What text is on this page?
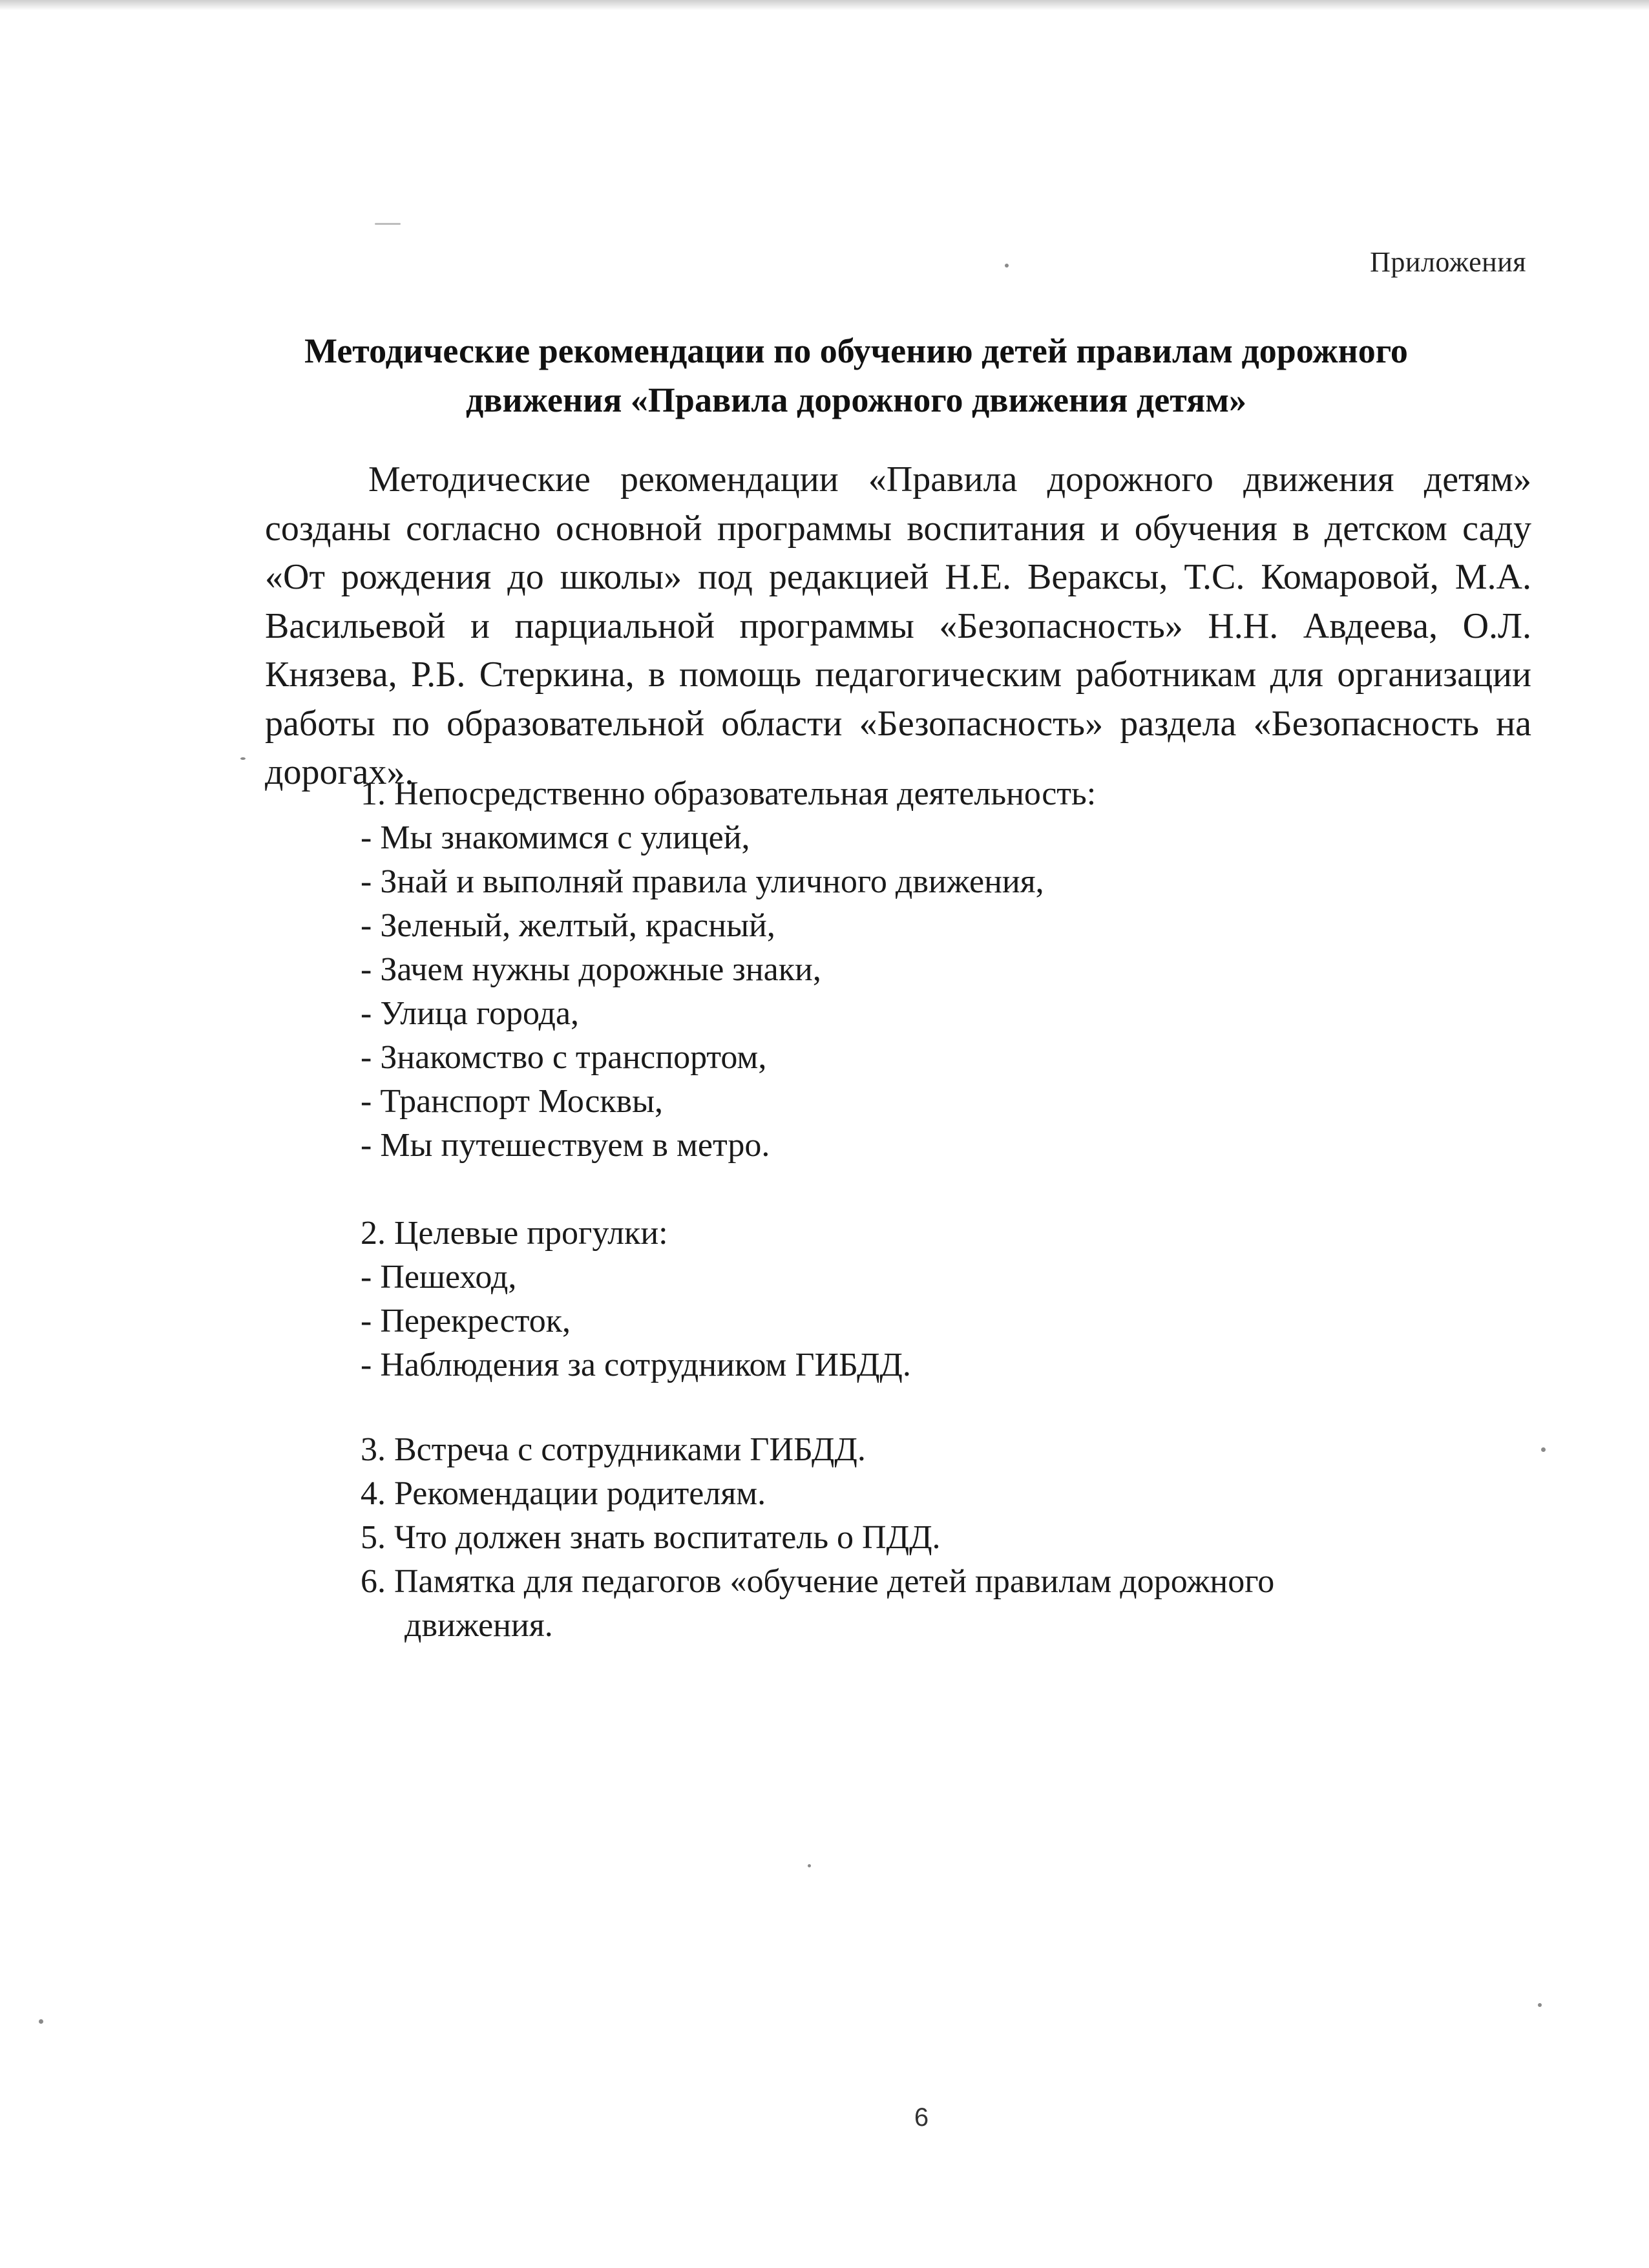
Приложения
Методические рекомендации по обучению детей правилам дорожного
движения «Правила дорожного движения детям»

Методические рекомендации «Правила дорожного движения детям» созданы согласно основной программы воспитания и обучения в детском саду «От рождения до школы» под редакцией Н.Е. Вераксы, Т.С. Комаровой, М.А. Васильевой и парциальной программы «Безопасность» Н.Н. Авдеева, О.Л. Князева, Р.Б. Стеркина, в помощь педагогическим работникам для организации работы по образовательной области «Безопасность» раздела «Безопасность на дорогах».

1. Непосредственно образовательная деятельность:
- Мы знакомимся с улицей,
- Знай и выполняй правила уличного движения,
- Зеленый, желтый, красный,
- Зачем нужны дорожные знаки,
- Улица города,
- Знакомство с транспортом,
- Транспорт Москвы,
- Мы путешествуем в метро.
2. Целевые прогулки:
- Пешеход,
- Перекресток,
- Наблюдения за сотрудником ГИБДД.
3. Встреча с сотрудниками ГИБДД.
4. Рекомендации родителям.
5. Что должен знать воспитатель о ПДД.
6. Памятка для педагогов «обучение детей правилам дорожного
движения.
6
